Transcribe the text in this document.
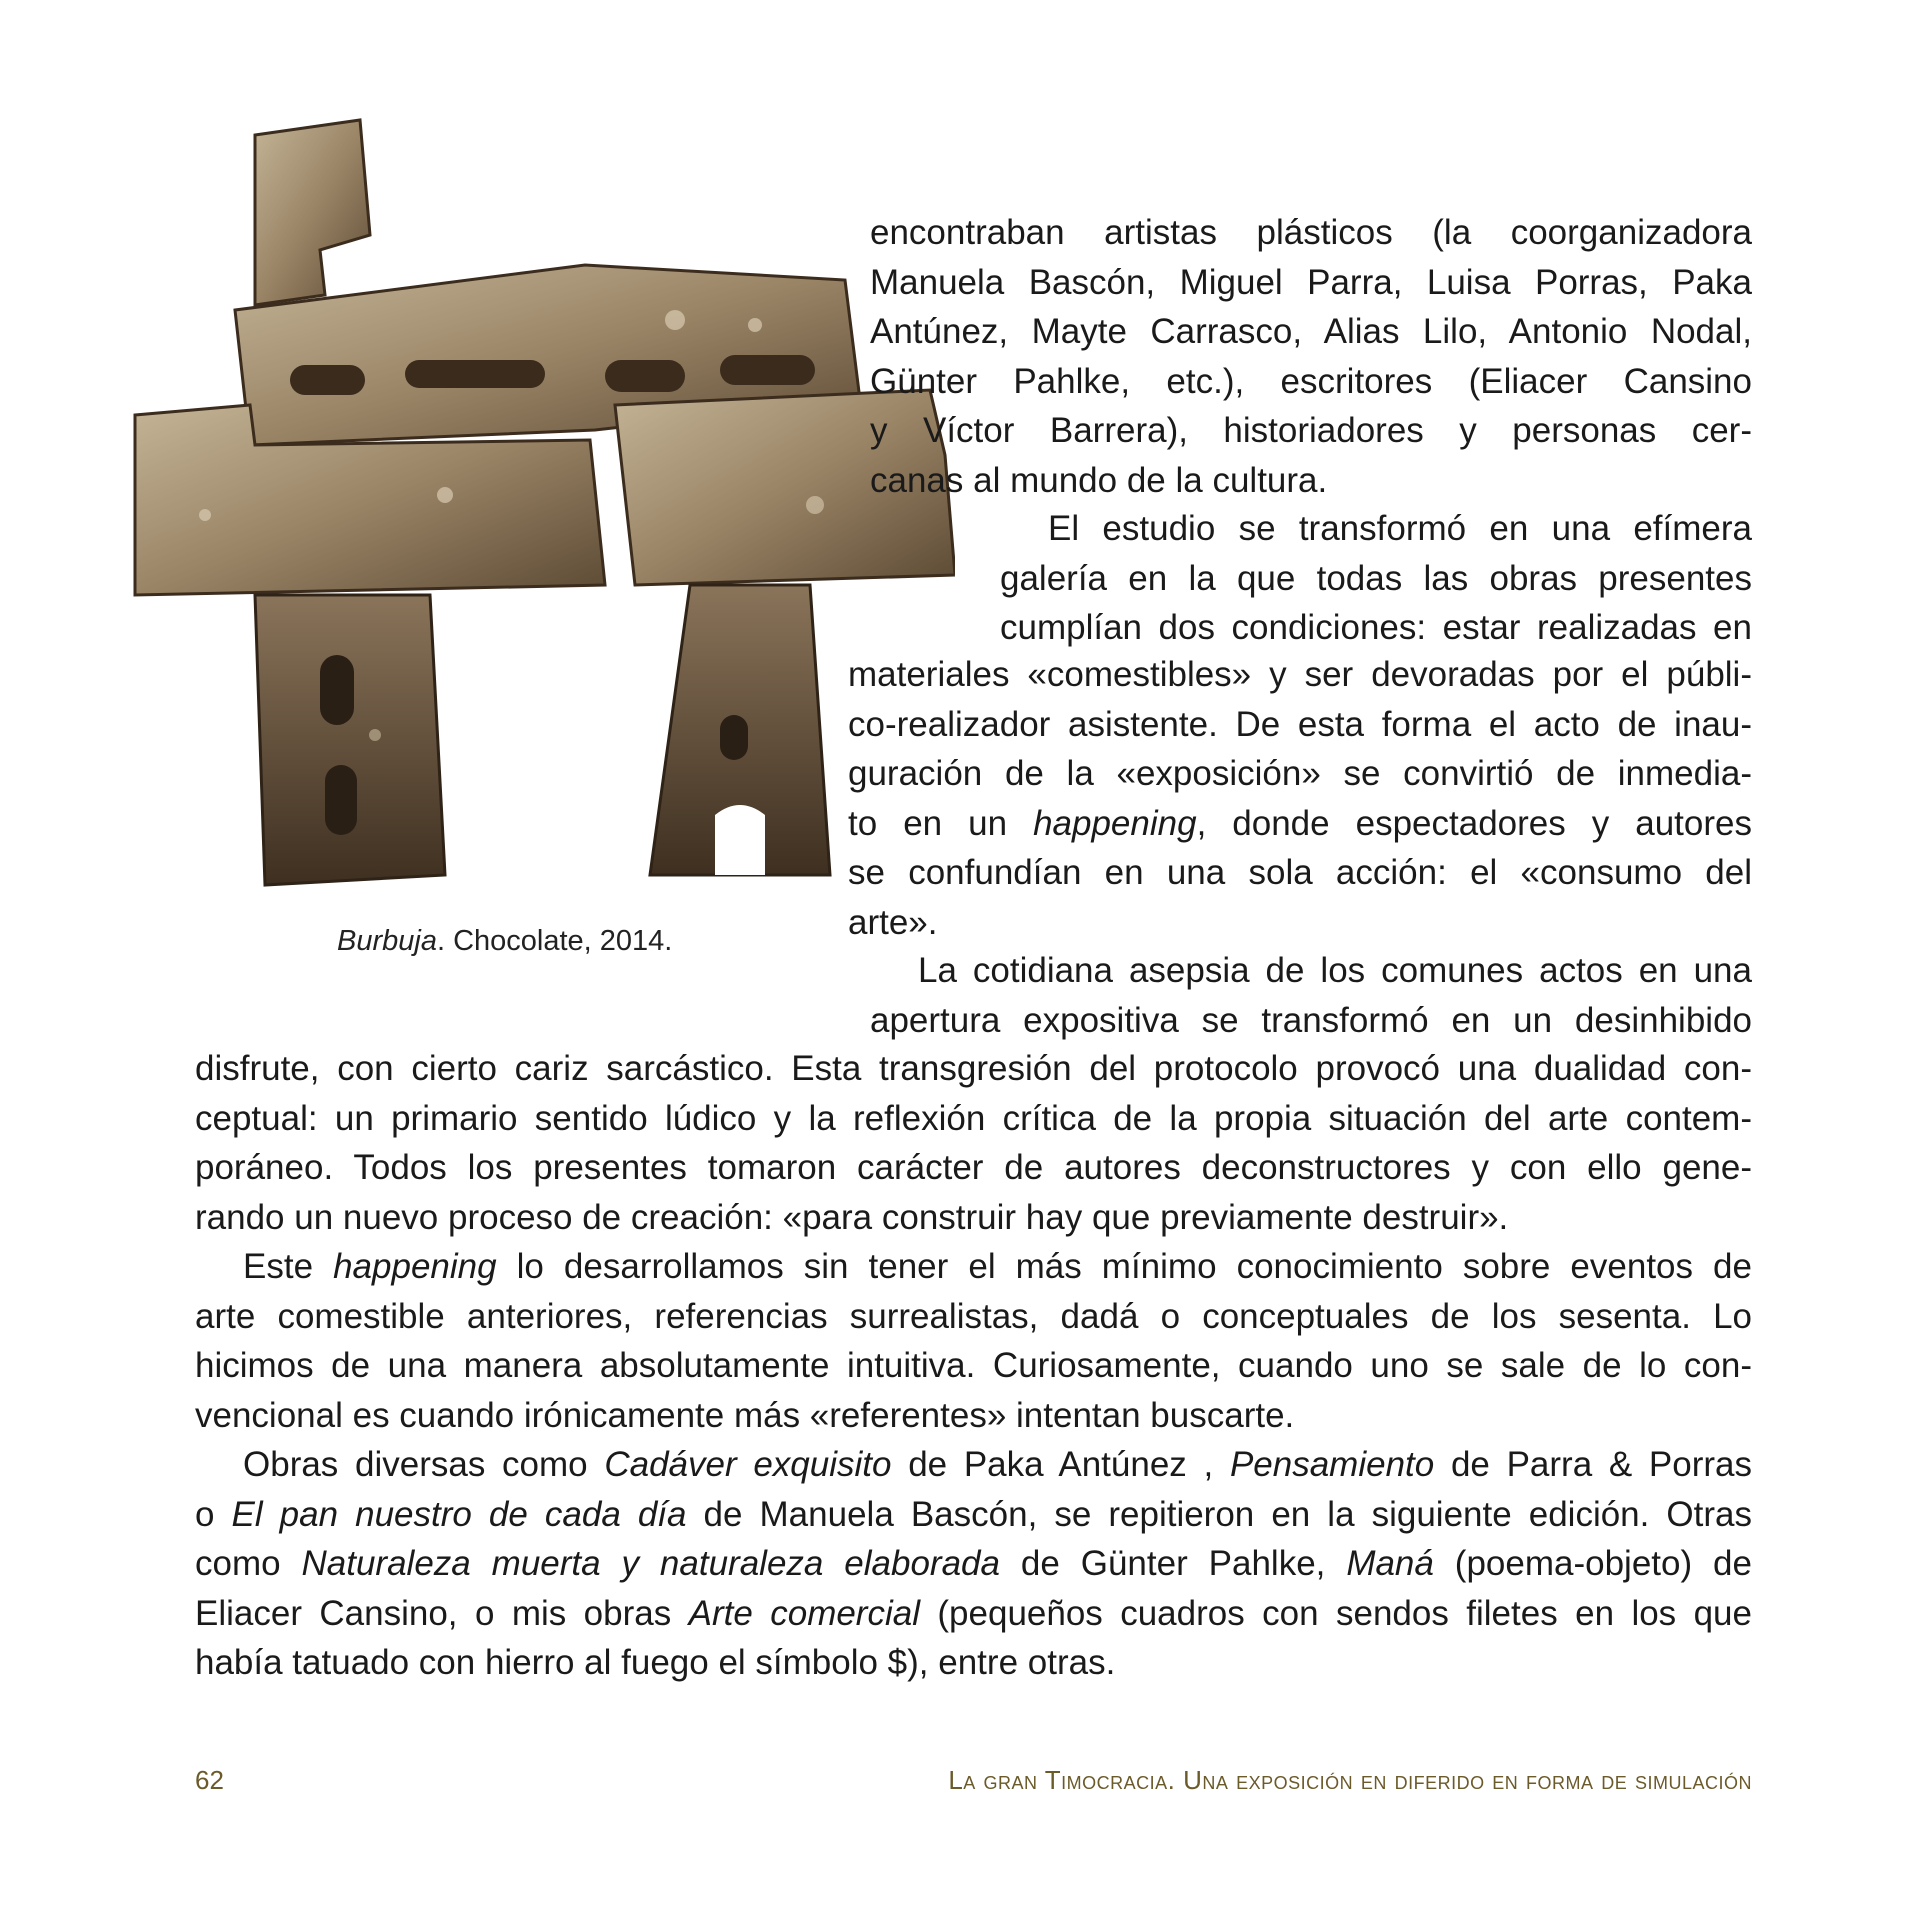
Burbuja. Chocolate, 2014.
encontraban artistas plásticos (la coorganizadora
Manuela Bascón, Miguel Parra, Luisa Porras, Paka
Antúnez, Mayte Carrasco, Alias Lilo, Antonio Nodal,
Günter Pahlke, etc.), escritores (Eliacer Cansino
y Víctor Barrera), historiadores y personas cer-
canas al mundo de la cultura.
El estudio se transformó en una efímera
galería en la que todas las obras presentes
cumplían dos condiciones: estar realizadas en
materiales «comestibles» y ser devoradas por el públi-
co-realizador asistente. De esta forma el acto de inau-
guración de la «exposición» se convirtió de inmedia-
to en un happening, donde espectadores y autores
se confundían en una sola acción: el «consumo del
arte».
La cotidiana asepsia de los comunes actos en una
apertura expositiva se transformó en un desinhibido
disfrute, con cierto cariz sarcástico. Esta transgresión del protocolo provocó una dualidad con-
ceptual: un primario sentido lúdico y la reflexión crítica de la propia situación del arte contem-
poráneo. Todos los presentes tomaron carácter de autores deconstructores y con ello gene-
rando un nuevo proceso de creación: «para construir hay que previamente destruir».
Este happening lo desarrollamos sin tener el más mínimo conocimiento sobre eventos de
arte comestible anteriores, referencias surrealistas, dadá o conceptuales de los sesenta. Lo
hicimos de una manera absolutamente intuitiva. Curiosamente, cuando uno se sale de lo con-
vencional es cuando irónicamente más «referentes» intentan buscarte.
Obras diversas como Cadáver exquisito de Paka Antúnez , Pensamiento de Parra & Porras
o El pan nuestro de cada día de Manuela Bascón, se repitieron en la siguiente edición. Otras
como Naturaleza muerta y naturaleza elaborada de Günter Pahlke, Maná (poema-objeto) de
Eliacer Cansino, o mis obras Arte comercial (pequeños cuadros con sendos filetes en los que
había tatuado con hierro al fuego el símbolo $), entre otras.
62	La gran Timocracia. Una exposición en diferido en forma de simulación
